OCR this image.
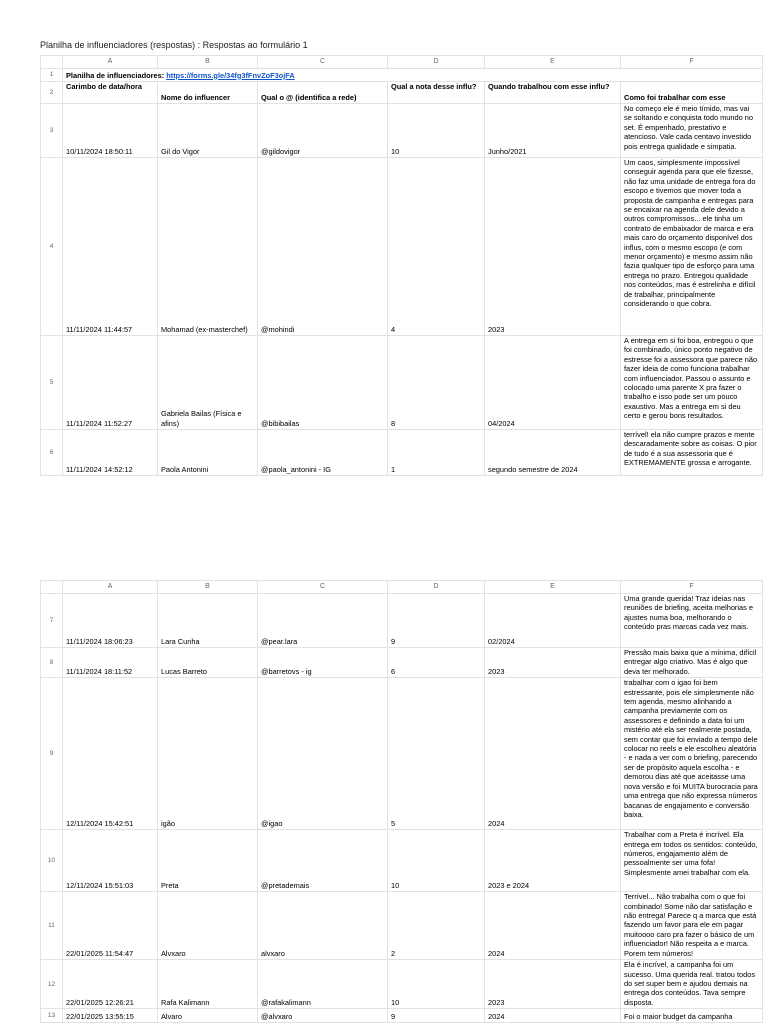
Planilha de influenciadores (respostas) : Respostas ao formulário 1
	A	B	C	D	E	F
1	Planilha de influenciadores: https://forms.gle/34fg3fFnvZoF3ojFA					
2	Carimbo de data/hora	Nome do influencer	Qual o @ (identifica a rede)	Qual a nota desse influ?	Quando trabalhou com esse influ?	Como foi trabalhar com esse
3	10/11/2024 18:50:11	Gil do Vigor	@gildovigor	10	Junho/2021	No começo ele é meio tímido, mas vai se soltando e conquista todo mundo no set. É empenhado, prestativo e atencioso. Vale cada centavo investido pois entrega qualidade e simpatia.
4	11/11/2024 11:44:57	Mohamad (ex-masterchef)	@mohindi	4	2023	Um caos, simplesmente impossível conseguir agenda para que ele fizesse, não faz uma unidade de entrega fora do escopo e tivemos que mover toda a proposta de campanha e entregas para se encaixar na agenda dele devido a outros compromissos... ele tinha um contrato de embaixador de marca e era mais caro do orçamento disponível dos influs, com o mesmo escopo (e com menor orçamento) e mesmo assim não fazia qualquer tipo de esforço para uma entrega no prazo. Entregou qualidade nos conteúdos, mas é estrelinha e difícil de trabalhar, principalmente considerando o que cobra.
5	11/11/2024 11:52:27	Gabriela Bailas (Física e afins)	@bibibailas	8	04/2024	A entrega em si foi boa, entregou o que foi combinado, único ponto negativo de estresse foi a assessora que parece não fazer ideia de como funciona trabalhar com influenciador. Passou o assunto e colocado uma parente X pra fazer o trabalho e isso pode ser um pouco exaustivo. Mas a entrega em si deu certo e gerou bons resultados.
6	11/11/2024 14:52:12	Paola Antonini	@paola_antonini - IG	1	segundo semestre de 2024	terrível! ela não cumpre prazos e mente descaradamente sobre as coisas. O pior de tudo é a sua assessoria que é EXTREMAMENTE grossa e arrogante.
	A	B	C	D	E	F
7	11/11/2024 18:06:23	Lara Cunha	@pear.lara	9	02/2024	Uma grande querida! Traz ideias nas reuniões de briefing, aceita melhorias e ajustes numa boa, melhorando o conteúdo pras marcas cada vez mais.
8	11/11/2024 18:11:52	Lucas Barreto	@barretovs - ig	6	2023	Pressão mais baixa que a mínima, difícil entregar algo criativo. Mas é algo que deva ter melhorado.
9	12/11/2024 15:42:51	igão	@igao	5	2024	trabalhar com o igao foi bem estressante, pois ele simplesmente não tem agenda, mesmo alinhando a campanha previamente com os assessores e definindo a data foi um mistério até ela ser realmente postada, sem contar que foi enviado a tempo dele colocar no reels e ele escolheu aleatória - e nada a ver com o briefing, parecendo ser de propósito aquela escolha - e demorou dias até que aceitasse uma nova versão e foi MUITA burocracia para uma entrega que não expressa números bacanas de engajamento e conversão baixa.
10	12/11/2024 15:51:03	Preta	@pretademais	10	2023 e 2024	Trabalhar com a Preta é incrível. Ela entrega em todos os sentidos: conteúdo, números, engajamento além de pessoalmente ser uma fofa! Simplesmente amei trabalhar com ela.
11	22/01/2025 11:54:47	Alvxaro	alvxaro	2	2024	Terrível... Não trabalha com o que foi combinado! Some não dar satisfação e não entrega! Parece q a marca que está fazendo um favor para ele em pagar muitoooo caro pra fazer o básico de um influenciador! Não respeita a e marca. Porem tem números!
12	22/01/2025 12:26:21	Rafa Kalimann	@rafakalimann	10	2023	Ela é incrível, a campanha foi um sucesso. Uma querida real. tratou todos do set super bem e ajudou demais na entrega dos conteúdos. Tava sempre disposta.
13	22/01/2025 13:55:15	Alvaro	@alvxaro	9	2024	Foi o maior budget da campanha
